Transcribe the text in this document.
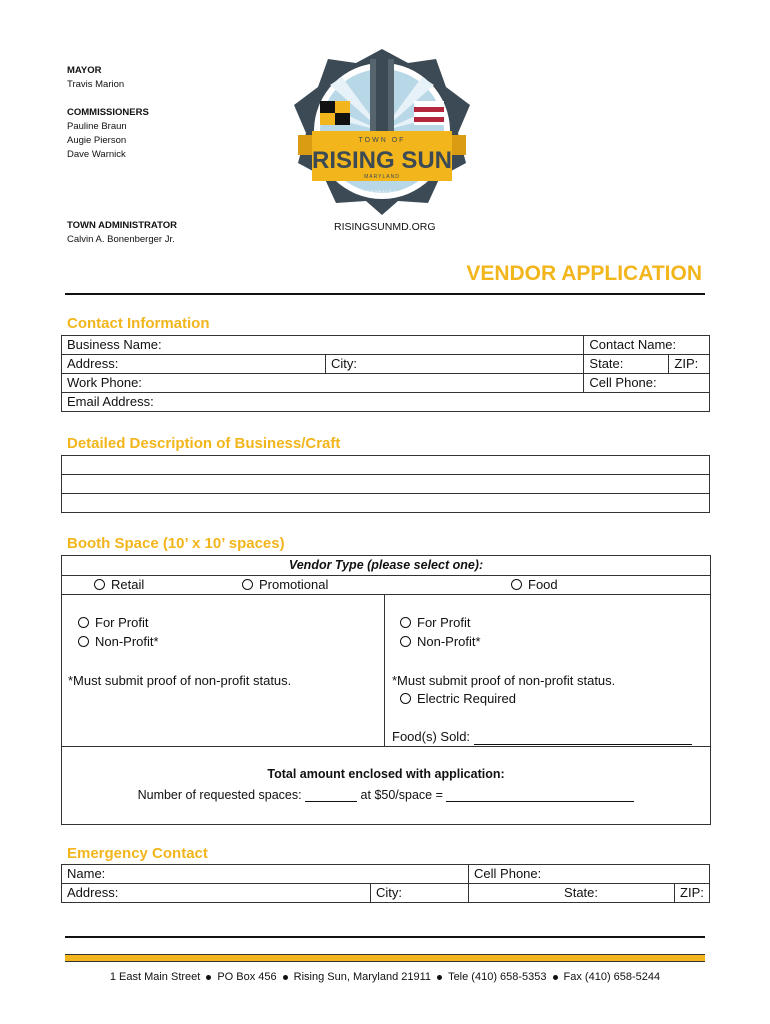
MAYOR
Travis Marion
COMMISSIONERS
Pauline Braun
Augie Pierson
Dave Warnick
TOWN ADMINISTRATOR
Calvin A. Bonenberger Jr.
TOWN OF
RISING SUN
MARYLAND
INCORPORATED 1860
RISINGSUNMD.ORG
VENDOR APPLICATION
Contact Information
Business Name:		Contact Name:	
Address:	City:	State:	ZIP:
Work Phone:		Cell Phone:	
Email Address:			
Detailed Description of Business/Craft

Booth Space (10’ x 10’ spaces)
Vendor Type (please select one):
Retail	Promotional	Food
For Profit
Non-Profit*
*Must submit proof of non-profit status.
For Profit
Non-Profit*
*Must submit proof of non-profit status.
Electric Required
Food(s) Sold:
Total amount enclosed with application:
Number of requested spaces:	at $50/space =
Emergency Contact
Name:		Cell Phone:	
Address:	City:	State:	ZIP:
1 East Main Street PO Box 456 Rising Sun, Maryland 21911 Tele (410) 658-5353 Fax (410) 658-5244
